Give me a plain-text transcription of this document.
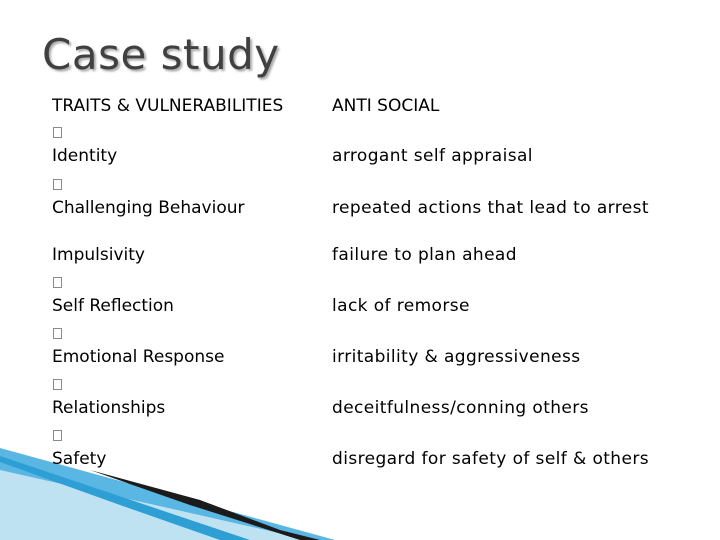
Case study
TRAITS & VULNERABILITIES	ANTI SOCIAL
Identity	arrogant self appraisal
Challenging Behaviour	repeated actions that lead to arrest
Impulsivity	failure to plan ahead
Self Reflection	lack of remorse
Emotional Response	irritability & aggressiveness
Relationships	deceitfulness/conning others
Safety	disregard for safety of self & others
